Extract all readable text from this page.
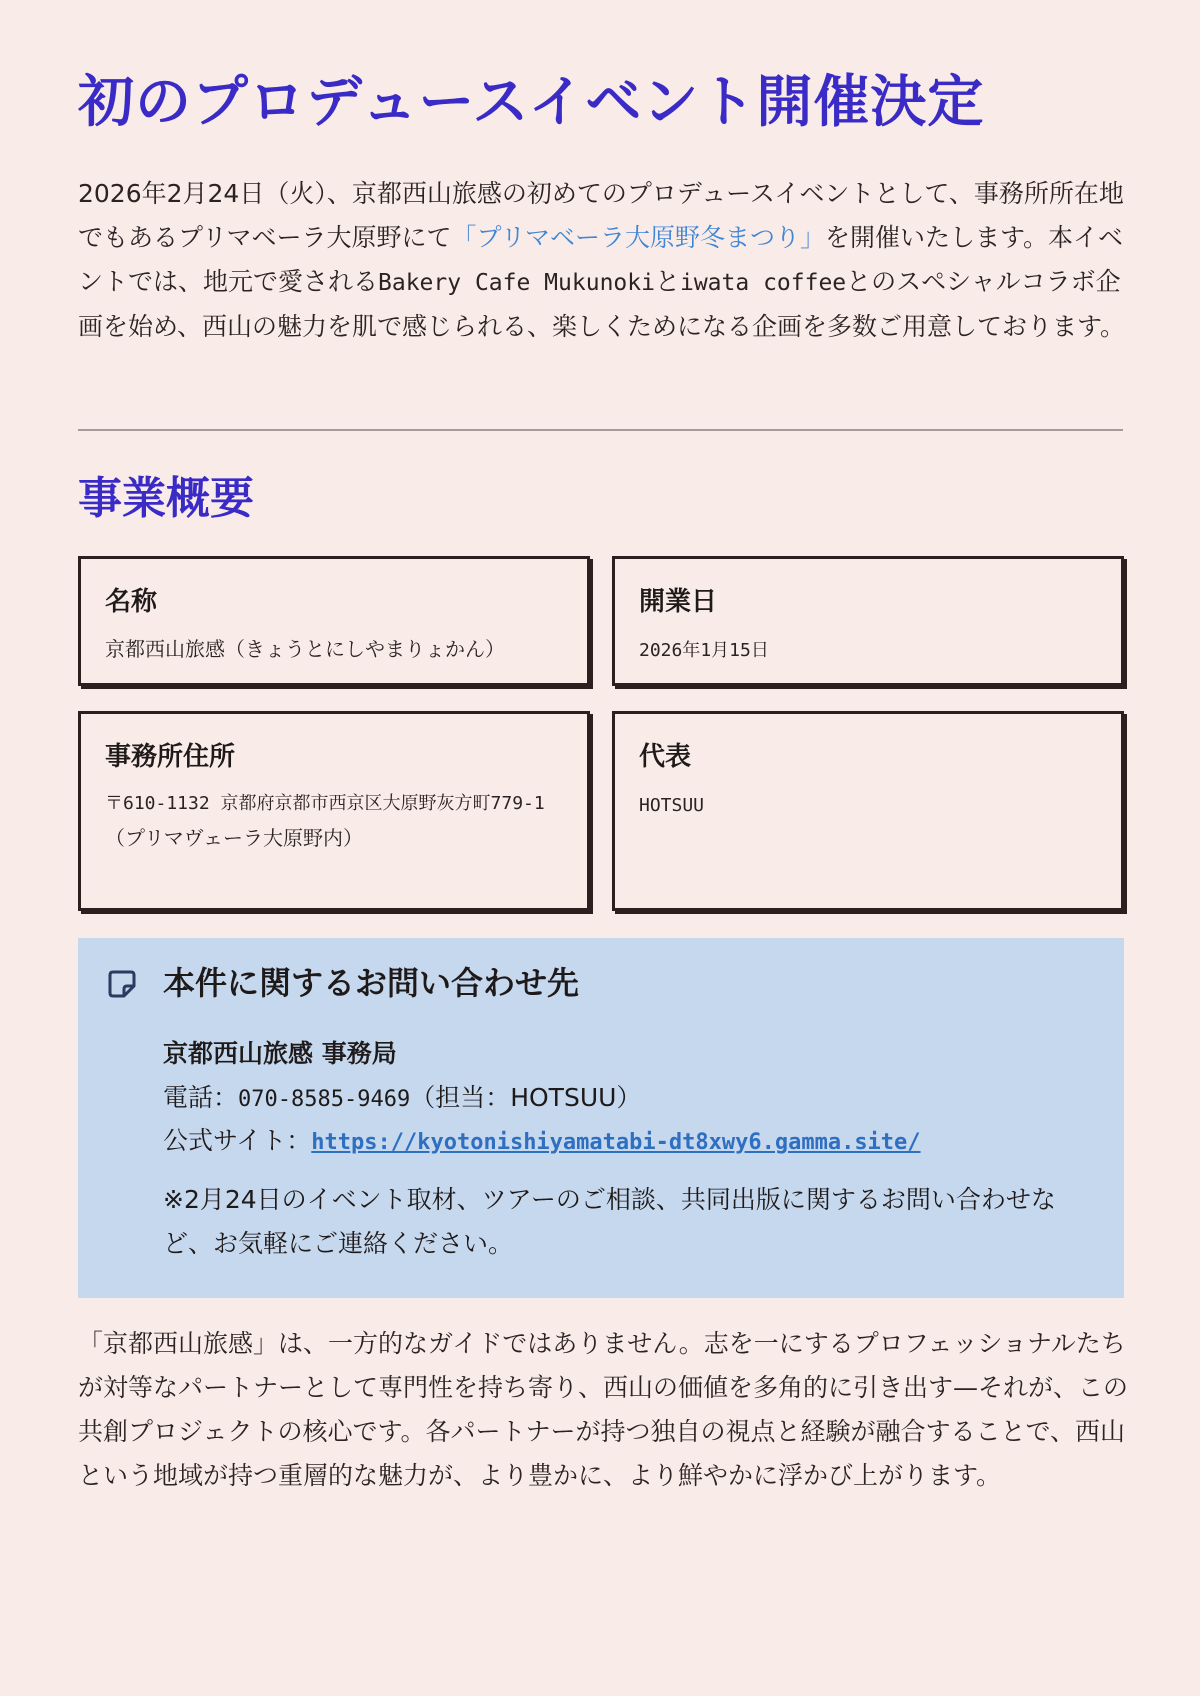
初のプロデュースイベント開催決定

2026年2月24日（火）、京都西山旅感の初めてのプロデュースイベントとして、事務所所在地でもあるプリマベーラ大原野にて「プリマベーラ大原野冬まつり」を開催いたします。本イベントでは、地元で愛されるBakery Cafe Mukunokiとiwata coffeeとのスペシャルコラボ企画を始め、西山の魅力を肌で感じられる、楽しくためになる企画を多数ご用意しております。

事業概要

名称

京都西山旅感（きょうとにしやまりょかん）

開業日

2026年1月15日

事務所住所

〒610-1132 京都府京都市西京区大原野灰方町779-1
（プリマヴェーラ大原野内）

代表

HOTSUU

本件に関するお問い合わせ先

京都西山旅感 事務局

電話：070-8585-9469（担当：HOTSUU）

公式サイト：https://kyotonishiyamatabi-dt8xwy6.gamma.site/

※2月24日のイベント取材、ツアーのご相談、共同出版に関するお問い合わせなど、お気軽にご連絡ください。

「京都西山旅感」は、一方的なガイドではありません。志を一にするプロフェッショナルたちが対等なパートナーとして専門性を持ち寄り、西山の価値を多角的に引き出す—それが、この共創プロジェクトの核心です。各パートナーが持つ独自の視点と経験が融合することで、西山という地域が持つ重層的な魅力が、より豊かに、より鮮やかに浮かび上がります。
